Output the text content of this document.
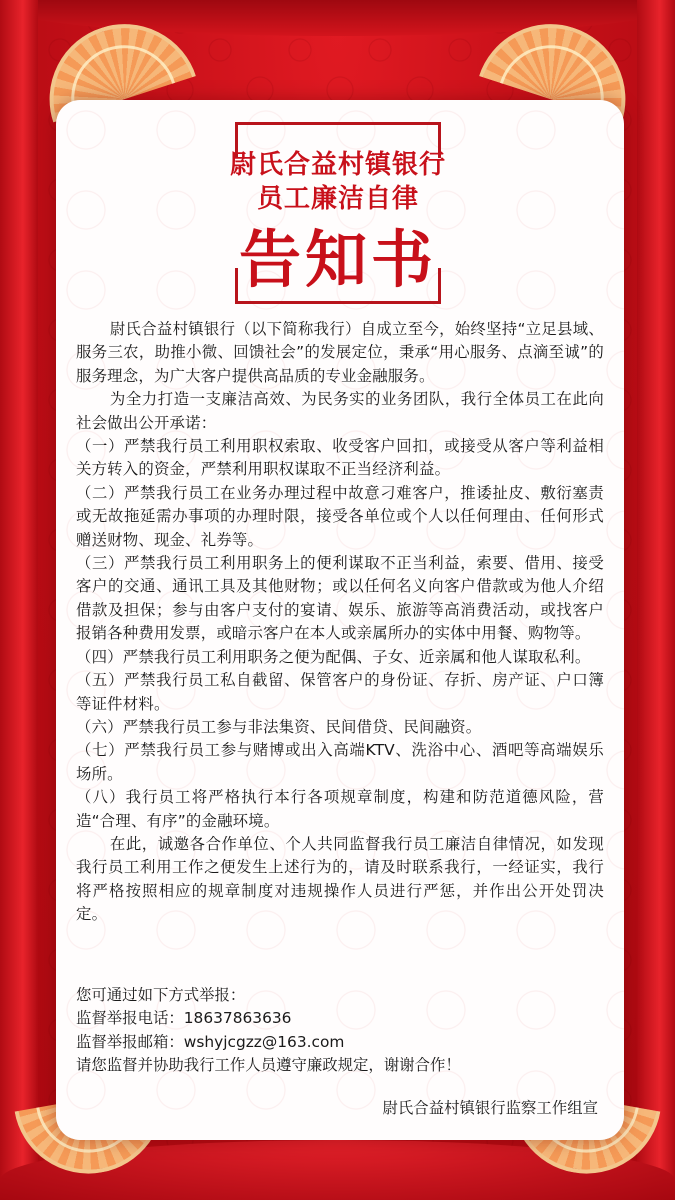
尉氏合益村镇银行
员工廉洁自律
告知书

尉氏合益村镇银行（以下简称我行）自成立至今，始终坚持“立足县域、服务三农，助推小微、回馈社会”的发展定位，秉承“用心服务、点滴至诚”的服务理念，为广大客户提供高品质的专业金融服务。

为全力打造一支廉洁高效、为民务实的业务团队，我行全体员工在此向社会做出公开承诺：

（一）严禁我行员工利用职权索取、收受客户回扣，或接受从客户等利益相关方转入的资金，严禁利用职权谋取不正当经济利益。

（二）严禁我行员工在业务办理过程中故意刁难客户，推诿扯皮、敷衍塞责或无故拖延需办事项的办理时限，接受各单位或个人以任何理由、任何形式赠送财物、现金、礼券等。

（三）严禁我行员工利用职务上的便利谋取不正当利益，索要、借用、接受客户的交通、通讯工具及其他财物；或以任何名义向客户借款或为他人介绍借款及担保；参与由客户支付的宴请、娱乐、旅游等高消费活动，或找客户报销各种费用发票，或暗示客户在本人或亲属所办的实体中用餐、购物等。

（四）严禁我行员工利用职务之便为配偶、子女、近亲属和他人谋取私利。

（五）严禁我行员工私自截留、保管客户的身份证、存折、房产证、户口簿等证件材料。

（六）严禁我行员工参与非法集资、民间借贷、民间融资。

（七）严禁我行员工参与赌博或出入高端KTV、洗浴中心、酒吧等高端娱乐场所。

（八）我行员工将严格执行本行各项规章制度，构建和防范道德风险，营造“合理、有序”的金融环境。

在此，诚邀各合作单位、个人共同监督我行员工廉洁自律情况，如发现我行员工利用工作之便发生上述行为的，请及时联系我行，一经证实，我行将严格按照相应的规章制度对违规操作人员进行严惩，并作出公开处罚决定。

您可通过如下方式举报：

监督举报电话：18637863636

监督举报邮箱：wshyjcgzz@163.com

请您监督并协助我行工作人员遵守廉政规定，谢谢合作！

尉氏合益村镇银行监察工作组宣
